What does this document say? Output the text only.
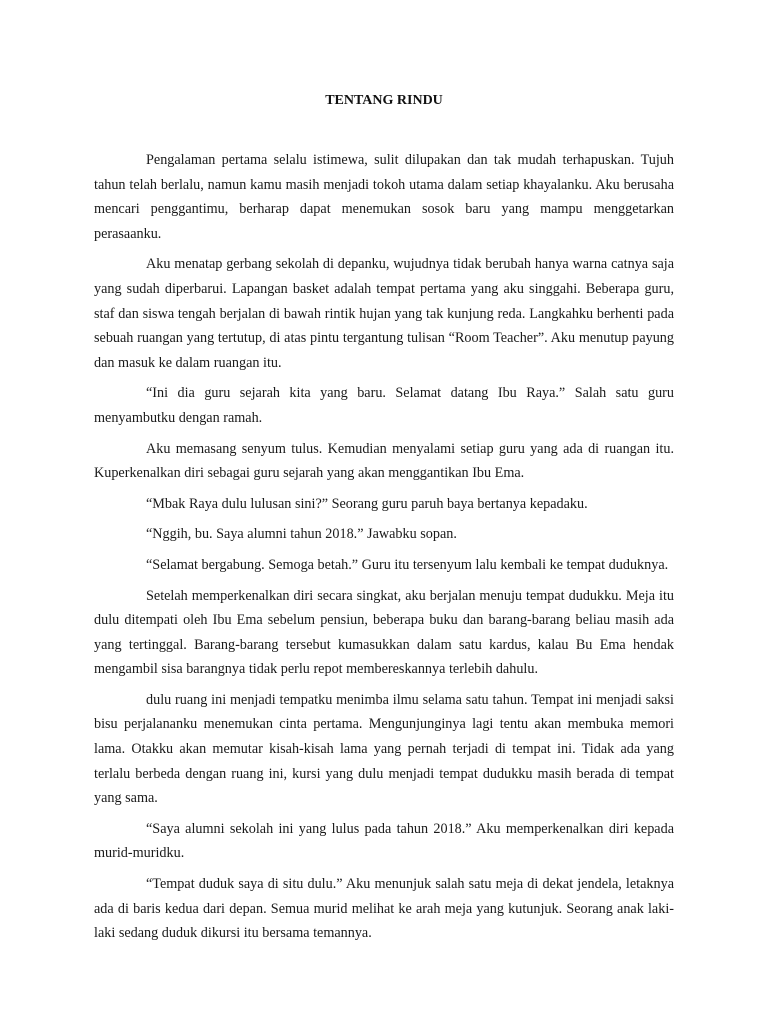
TENTANG RINDU

Pengalaman pertama selalu istimewa, sulit dilupakan dan tak mudah terhapuskan. Tujuh tahun telah berlalu, namun kamu masih menjadi tokoh utama dalam setiap khayalanku. Aku berusaha mencari penggantimu, berharap dapat menemukan sosok baru yang mampu menggetarkan perasaanku.

Aku menatap gerbang sekolah di depanku, wujudnya tidak berubah hanya warna catnya saja yang sudah diperbarui. Lapangan basket adalah tempat pertama yang aku singgahi. Beberapa guru, staf dan siswa tengah berjalan di bawah rintik hujan yang tak kunjung reda. Langkahku berhenti pada sebuah ruangan yang tertutup, di atas pintu tergantung tulisan “Room Teacher”. Aku menutup payung dan masuk ke dalam ruangan itu.

“Ini dia guru sejarah kita yang baru. Selamat datang Ibu Raya.” Salah satu guru menyambutku dengan ramah.

Aku memasang senyum tulus. Kemudian menyalami setiap guru yang ada di ruangan itu. Kuperkenalkan diri sebagai guru sejarah yang akan menggantikan Ibu Ema.

“Mbak Raya dulu lulusan sini?” Seorang guru paruh baya bertanya kepadaku.

“Nggih, bu. Saya alumni tahun 2018.” Jawabku sopan.

“Selamat bergabung. Semoga betah.” Guru itu tersenyum lalu kembali ke tempat duduknya.

Setelah memperkenalkan diri secara singkat, aku berjalan menuju tempat dudukku. Meja itu dulu ditempati oleh Ibu Ema sebelum pensiun, beberapa buku dan barang-barang beliau masih ada yang tertinggal. Barang-barang tersebut kumasukkan dalam satu kardus, kalau Bu Ema hendak mengambil sisa barangnya tidak perlu repot membereskannya terlebih dahulu.

dulu ruang ini menjadi tempatku menimba ilmu selama satu tahun. Tempat ini menjadi saksi bisu perjalananku menemukan cinta pertama. Mengunjunginya lagi tentu akan membuka memori lama. Otakku akan memutar kisah-kisah lama yang pernah terjadi di tempat ini. Tidak ada yang terlalu berbeda dengan ruang ini, kursi yang dulu menjadi tempat dudukku masih berada di tempat yang sama.

“Saya alumni sekolah ini yang lulus pada tahun 2018.” Aku memperkenalkan diri kepada murid-muridku.

“Tempat duduk saya di situ dulu.” Aku menunjuk salah satu meja di dekat jendela, letaknya ada di baris kedua dari depan. Semua murid melihat ke arah meja yang kutunjuk. Seorang anak laki-laki sedang duduk dikursi itu bersama temannya.
